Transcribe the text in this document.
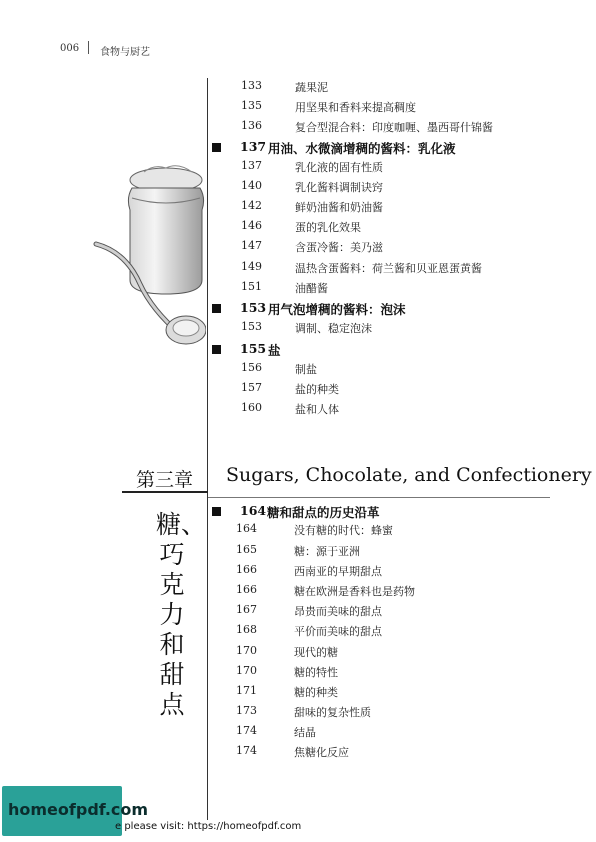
006 食物与厨艺
133	蔬果泥
135	用坚果和香料来提高稠度
136	复合型混合料：印度咖喱、墨西哥什锦酱
137 用油、水微滴增稠的酱料：乳化液
137	乳化液的固有性质
140	乳化酱料调制诀窍
142	鲜奶油酱和奶油酱
146	蛋的乳化效果
147	含蛋冷酱：美乃滋
149	温热含蛋酱料：荷兰酱和贝亚恩蛋黄酱
151	油醋酱
153 用气泡增稠的酱料：泡沫
153	调制、稳定泡沫
155 盐
156	制盐
157	盐的种类
160	盐和人体
第三章 Sugars, Chocolate, and Confectionery
糖、巧克力和甜点
164 糖和甜点的历史沿革
164	没有糖的时代：蜂蜜
165	糖：源于亚洲
166	西南亚的早期甜点
166	糖在欧洲是香料也是药物
167	昂贵而美味的甜点
168	平价而美味的甜点
170	现代的糖
170	糖的特性
171	糖的种类
173	甜味的复杂性质
174	结晶
174	焦糖化反应
homeofpdf.com
e please visit: https://homeofpdf.com
